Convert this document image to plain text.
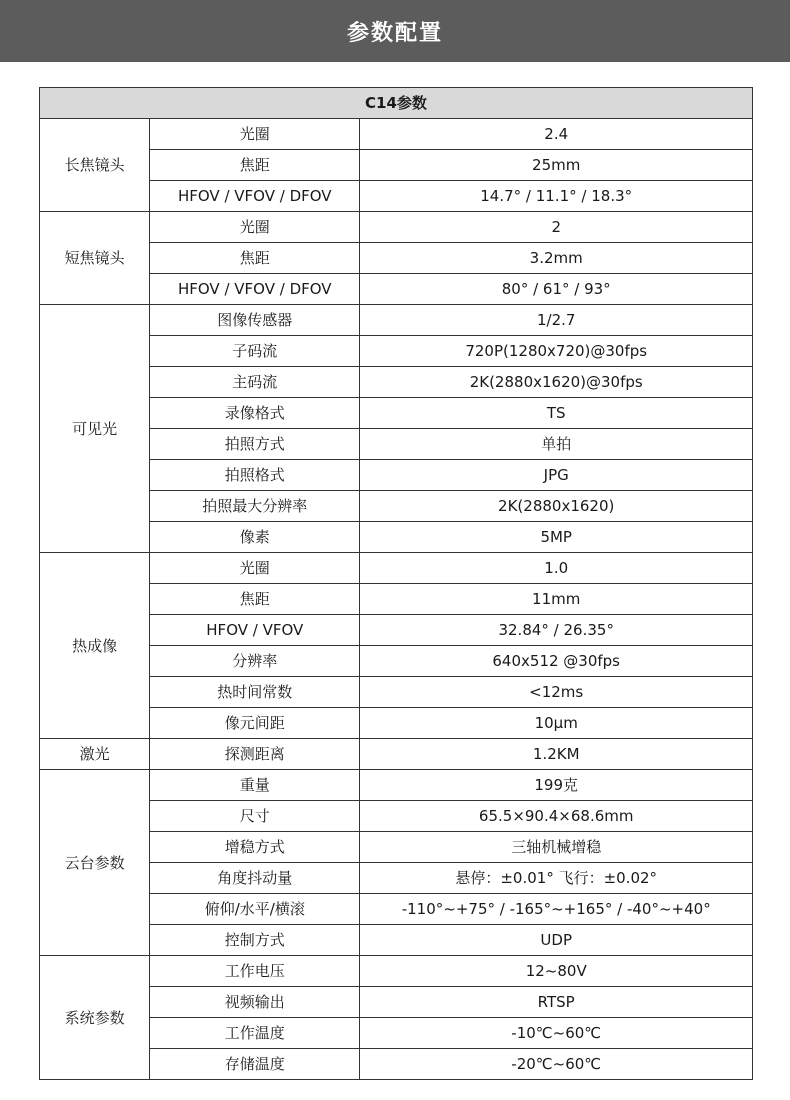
参数配置
C14参数		
长焦镜头	光圈	2.4
	焦距	25mm
	HFOV / VFOV / DFOV	14.7° / 11.1° / 18.3°
短焦镜头	光圈	2
	焦距	3.2mm
	HFOV / VFOV / DFOV	80° / 61° / 93°
可见光	图像传感器	1/2.7
	子码流	720P(1280x720)@30fps
	主码流	2K(2880x1620)@30fps
	录像格式	TS
	拍照方式	单拍
	拍照格式	JPG
	拍照最大分辨率	2K(2880x1620)
	像素	5MP
热成像	光圈	1.0
	焦距	11mm
	HFOV / VFOV	32.84° / 26.35°
	分辨率	640x512 @30fps
	热时间常数	<12ms
	像元间距	10μm
激光	探测距离	1.2KM
云台参数	重量	199克
	尺寸	65.5×90.4×68.6mm
	增稳方式	三轴机械增稳
	角度抖动量	悬停：±0.01° 飞行：±0.02°
	俯仰/水平/横滚	-110°~+75° / -165°~+165° / -40°~+40°
	控制方式	UDP
系统参数	工作电压	12~80V
	视频输出	RTSP
	工作温度	-10℃~60℃
	存储温度	-20℃~60℃
